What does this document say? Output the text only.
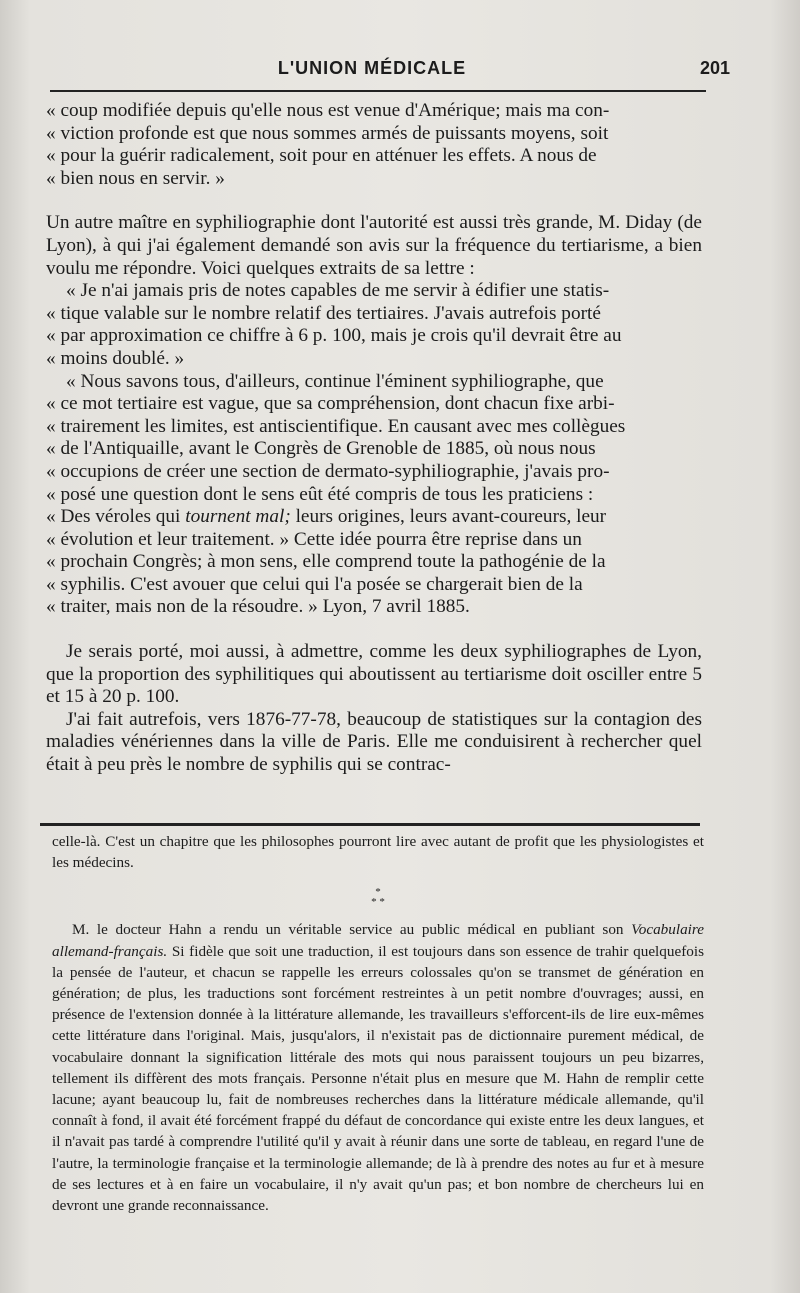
L'UNION MÉDICALE	201

« coup modifiée depuis qu'elle nous est venue d'Amérique; mais ma con-

« viction profonde est que nous sommes armés de puissants moyens, soit

« pour la guérir radicalement, soit pour en atténuer les effets. A nous de

« bien nous en servir. »

Un autre maître en syphiliographie dont l'autorité est aussi très grande, M. Diday (de Lyon), à qui j'ai également demandé son avis sur la fréquence du tertiarisme, a bien voulu me répondre. Voici quelques extraits de sa lettre :

« Je n'ai jamais pris de notes capables de me servir à édifier une statis-

« tique valable sur le nombre relatif des tertiaires. J'avais autrefois porté

« par approximation ce chiffre à 6 p. 100, mais je crois qu'il devrait être au

« moins doublé. »

« Nous savons tous, d'ailleurs, continue l'éminent syphiliographe, que

« ce mot tertiaire est vague, que sa compréhension, dont chacun fixe arbi-

« trairement les limites, est antiscientifique. En causant avec mes collègues

« de l'Antiquaille, avant le Congrès de Grenoble de 1885, où nous nous

« occupions de créer une section de dermato-syphiliographie, j'avais pro-

« posé une question dont le sens eût été compris de tous les praticiens :

« Des véroles qui tournent mal; leurs origines, leurs avant-coureurs, leur

« évolution et leur traitement. » Cette idée pourra être reprise dans un

« prochain Congrès; à mon sens, elle comprend toute la pathogénie de la

« syphilis. C'est avouer que celui qui l'a posée se chargerait bien de la

« traiter, mais non de la résoudre. » Lyon, 7 avril 1885.

Je serais porté, moi aussi, à admettre, comme les deux syphiliographes de Lyon, que la proportion des syphilitiques qui aboutissent au tertiarisme doit osciller entre 5 et 15 à 20 p. 100.

J'ai fait autrefois, vers 1876-77-78, beaucoup de statistiques sur la contagion des maladies vénériennes dans la ville de Paris. Elle me conduisirent à rechercher quel était à peu près le nombre de syphilis qui se contrac-

celle-là. C'est un chapitre que les philosophes pourront lire avec autant de profit que les physiologistes et les médecins.

*
* *

M. le docteur Hahn a rendu un véritable service au public médical en publiant son Vocabulaire allemand-français. Si fidèle que soit une traduction, il est toujours dans son essence de trahir quelquefois la pensée de l'auteur, et chacun se rappelle les erreurs colossales qu'on se transmet de génération en génération; de plus, les traductions sont forcément restreintes à un petit nombre d'ouvrages; aussi, en présence de l'extension donnée à la littérature allemande, les travailleurs s'efforcent-ils de lire eux-mêmes cette littérature dans l'original. Mais, jusqu'alors, il n'existait pas de dictionnaire purement médical, de vocabulaire donnant la signification littérale des mots qui nous paraissent toujours un peu bizarres, tellement ils diffèrent des mots français. Personne n'était plus en mesure que M. Hahn de remplir cette lacune; ayant beaucoup lu, fait de nombreuses recherches dans la littérature médicale allemande, qu'il connaît à fond, il avait été forcément frappé du défaut de concordance qui existe entre les deux langues, et il n'avait pas tardé à comprendre l'utilité qu'il y avait à réunir dans une sorte de tableau, en regard l'une de l'autre, la terminologie française et la terminologie allemande; de là à prendre des notes au fur et à mesure de ses lectures et à en faire un vocabulaire, il n'y avait qu'un pas; et bon nombre de chercheurs lui en devront une grande reconnaissance.
